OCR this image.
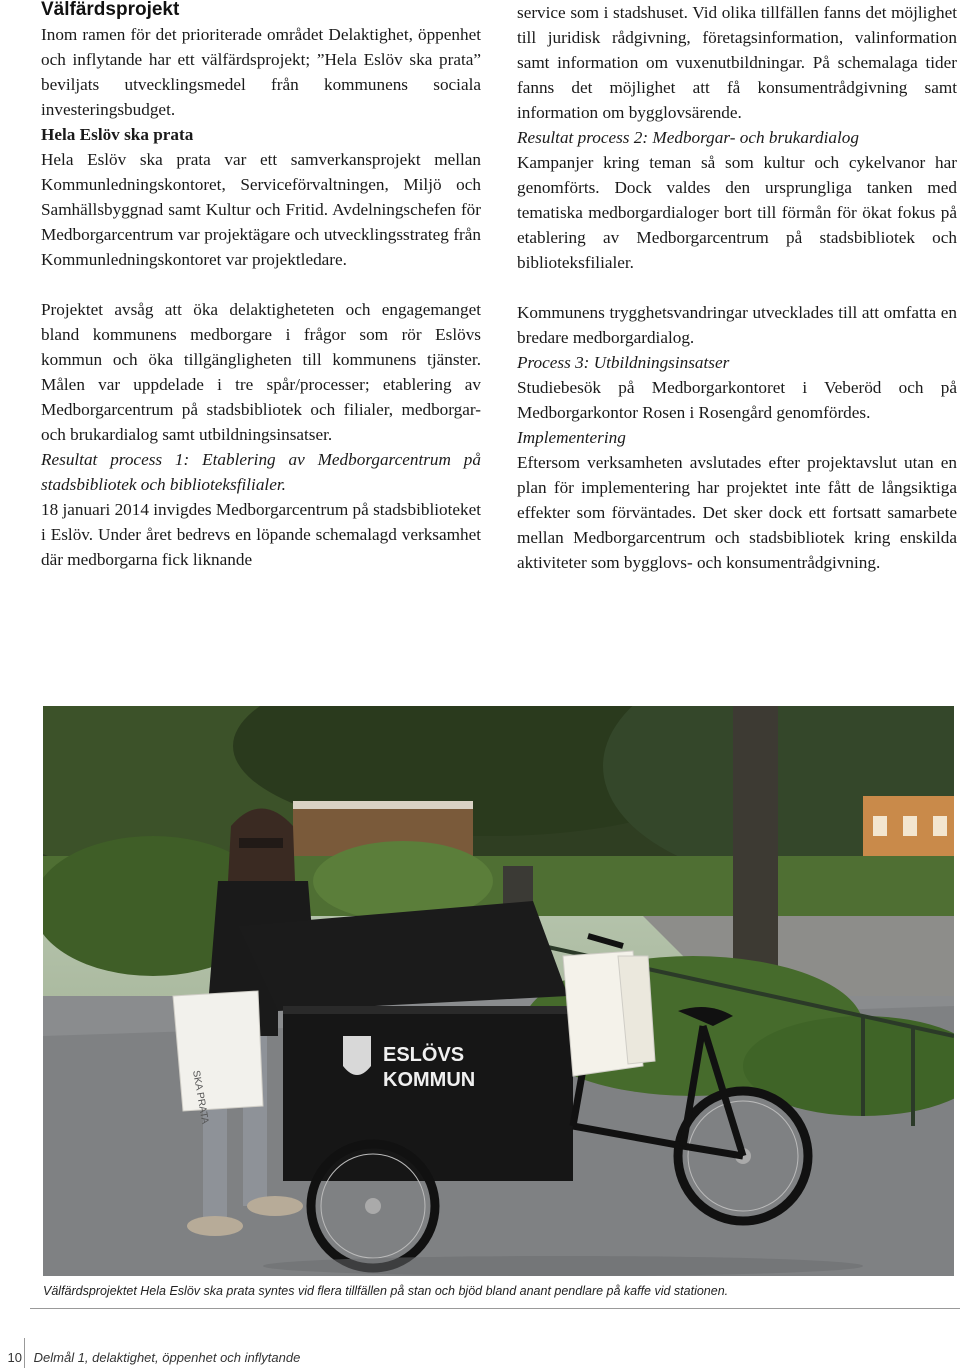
Välfärdsprojekt

Inom ramen för det prioriterade området Delaktighet, öppenhet och inflytande har ett välfärdsprojekt; ”Hela Eslöv ska prata” beviljats utvecklingsmedel från kommunens sociala investeringsbudget.

Hela Eslöv ska prata

Hela Eslöv ska prata var ett samverkansprojekt mellan Kommunledningskontoret, Serviceförvaltningen, Miljö och Samhällsbyggnad samt Kultur och Fritid. Avdelningschefen för Medborgarcentrum var projektägare och utvecklingsstrateg från Kommunledningskontoret var projektledare.

Projektet avsåg att öka delaktigheteten och engagemanget bland kommunens medborgare i frågor som rör Eslövs kommun och öka tillgängligheten till kommunens tjänster. Målen var uppdelade i tre spår/processer; etablering av Medborgarcentrum på stadsbibliotek och filialer, medborgar- och brukardialog samt utbildningsinsatser.

Resultat process 1: Etablering av Medborgarcentrum på stadsbibliotek och biblioteksfilialer.

18 januari 2014 invigdes Medborgarcentrum på stadsbiblioteket i Eslöv. Under året bedrevs en löpande schemalagd verksamhet där medborgarna fick liknande

service som i stadshuset. Vid olika tillfällen fanns det möjlighet till juridisk rådgivning, företagsinformation, valinformation samt information om vuxenutbildningar. På schemalaga tider fanns det möjlighet att få konsumentrådgivning samt information om bygglovsärende.

Resultat process 2: Medborgar- och brukardialog

Kampanjer kring teman så som kultur och cykelvanor har genomförts. Dock valdes den ursprungliga tanken med tematiska medborgardialoger bort till förmån för ökat fokus på etablering av Medborgarcentrum på stadsbibliotek och biblioteksfilialer.

Kommunens trygghetsvandringar utvecklades till att omfatta en bredare medborgardialog.

Process 3: Utbildningsinsatser

Studiebesök på Medborgarkontoret i Veberöd och på Medborgarkontor Rosen i Rosengård genomfördes.

Implementering

Eftersom verksamheten avslutades efter projektavslut utan en plan för implementering har projektet inte fått de långsiktiga effekter som förväntades. Det sker dock ett fortsatt samarbete mellan Medborgarcentrum och stadsbibliotek kring enskilda aktiviteter som bygglovs- och konsumentrådgivning.

SKA PRATA
ESLÖVS
KOMMUN
Välfärdsprojektet Hela Eslöv ska prata syntes vid flera tillfällen på stan och bjöd bland anant pendlare på kaffe vid stationen.
10 Delmål 1, delaktighet, öppenhet och inflytande
